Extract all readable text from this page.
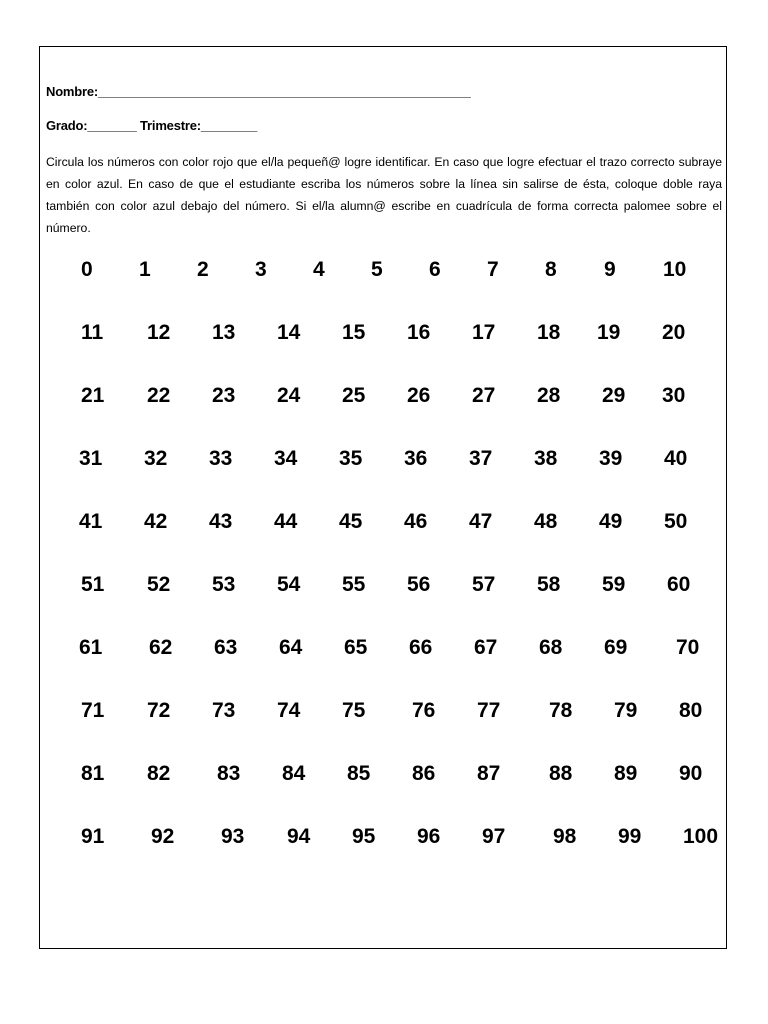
Nombre:_____________________________________________________
Grado:_______ Trimestre:________
Circula los números con color rojo que el/la pequeñ@ logre identificar. En caso que logre efectuar el trazo correcto subraye en color azul. En caso de que el estudiante escriba los números sobre la línea sin salirse de ésta, coloque doble raya también con color azul debajo del número. Si el/la alumn@ escribe en cuadrícula de forma correcta palomee sobre el número.
0 1 2 3 4 5 6 7 8 9 10
11 12 13 14 15 16 17 18 19 20
21 22 23 24 25 26 27 28 29 30
31 32 33 34 35 36 37 38 39 40
41 42 43 44 45 46 47 48 49 50
51 52 53 54 55 56 57 58 59 60
61 62 63 64 65 66 67 68 69 70
71 72 73 74 75 76 77 78 79 80
81 82 83 84 85 86 87 88 89 90
91 92 93 94 95 96 97 98 99 100
